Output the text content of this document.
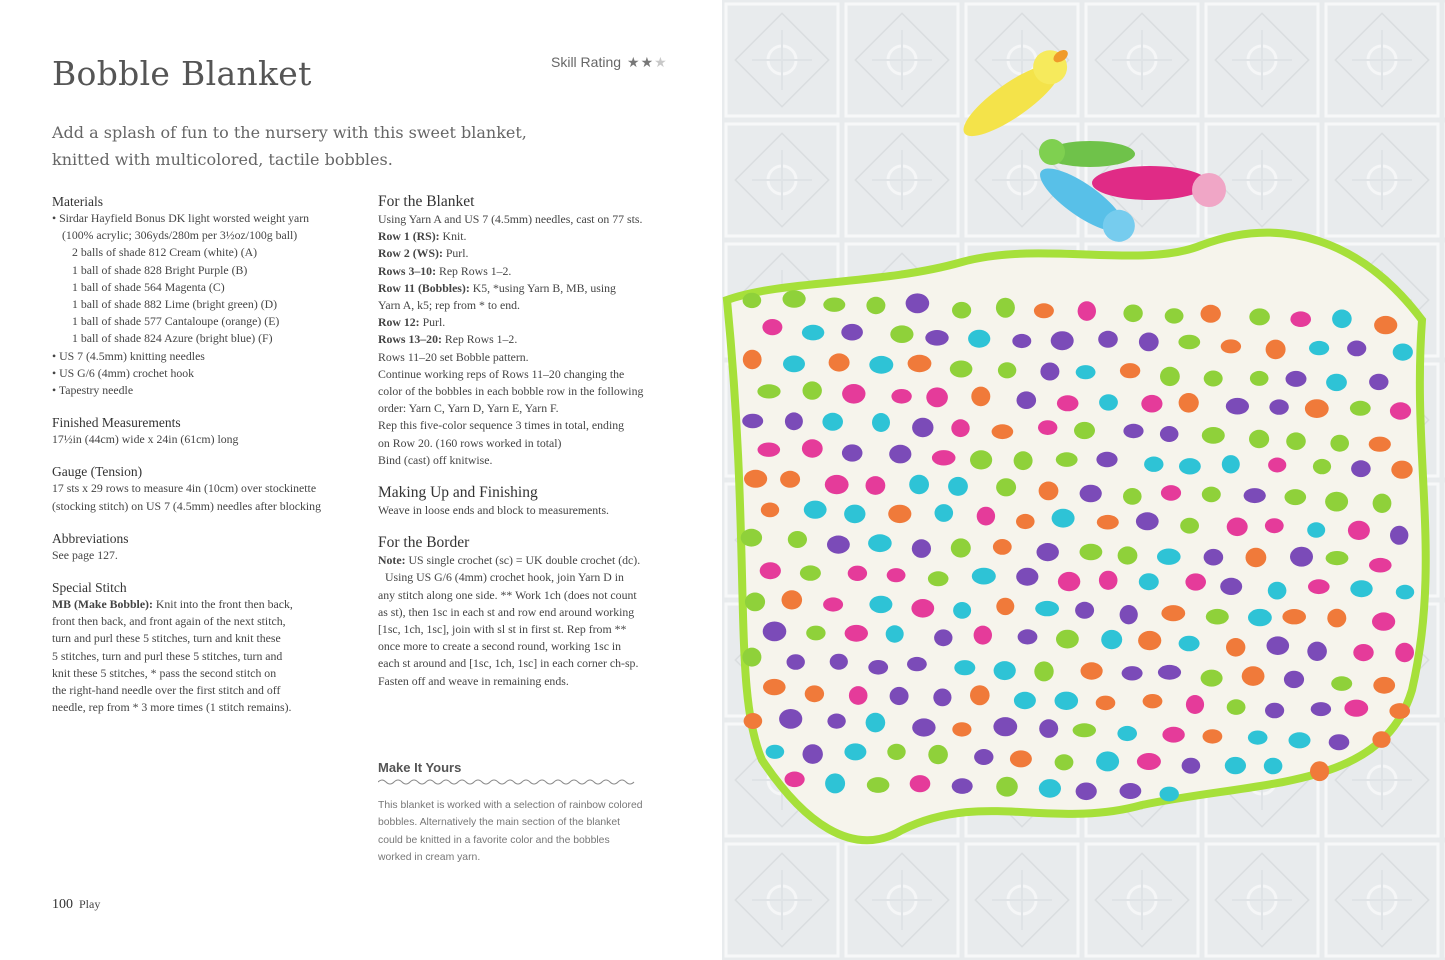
Bobble Blanket	Skill Rating ★★★
Add a splash of fun to the nursery with this sweet blanket,
knitted with multicolored, tactile bobbles.
Materials
• Sirdar Hayfield Bonus DK light worsted weight yarn
(100% acrylic; 306yds/280m per 3½oz/100g ball)
2 balls of shade 812 Cream (white) (A)
1 ball of shade 828 Bright Purple (B)
1 ball of shade 564 Magenta (C)
1 ball of shade 882 Lime (bright green) (D)
1 ball of shade 577 Cantaloupe (orange) (E)
1 ball of shade 824 Azure (bright blue) (F)
• US 7 (4.5mm) knitting needles
• US G/6 (4mm) crochet hook
• Tapestry needle
Finished Measurements
17½in (44cm) wide x 24in (61cm) long
Gauge (Tension)
17 sts x 29 rows to measure 4in (10cm) over stockinette
(stocking stitch) on US 7 (4.5mm) needles after blocking
Abbreviations
See page 127.
Special Stitch
MB (Make Bobble): Knit into the front then back,
front then back, and front again of the next stitch,
turn and purl these 5 stitches, turn and knit these
5 stitches, turn and purl these 5 stitches, turn and
knit these 5 stitches, * pass the second stitch on
the right-hand needle over the first stitch and off
needle, rep from * 3 more times (1 stitch remains).
For the Blanket
Using Yarn A and US 7 (4.5mm) needles, cast on 77 sts.
Row 1 (RS): Knit.
Row 2 (WS): Purl.
Rows 3–10: Rep Rows 1–2.
Row 11 (Bobbles): K5, *using Yarn B, MB, using
Yarn A, k5; rep from * to end.
Row 12: Purl.
Rows 13–20: Rep Rows 1–2.
Rows 11–20 set Bobble pattern.
Continue working reps of Rows 11–20 changing the
color of the bobbles in each bobble row in the following
order: Yarn C, Yarn D, Yarn E, Yarn F.
Rep this five-color sequence 3 times in total, ending
on Row 20. (160 rows worked in total)
Bind (cast) off knitwise.
Making Up and Finishing
Weave in loose ends and block to measurements.
For the Border
Note: US single crochet (sc) = UK double crochet (dc).
Using US G/6 (4mm) crochet hook, join Yarn D in
any stitch along one side. ** Work 1ch (does not count
as st), then 1sc in each st and row end around working
[1sc, 1ch, 1sc], join with sl st in first st. Rep from **
once more to create a second round, working 1sc in
each st around and [1sc, 1ch, 1sc] in each corner ch-sp.
Fasten off and weave in remaining ends.
Make It Yours
This blanket is worked with a selection of rainbow colored
bobbles. Alternatively the main section of the blanket
could be knitted in a favorite color and the bobbles
worked in cream yarn.
100 Play
